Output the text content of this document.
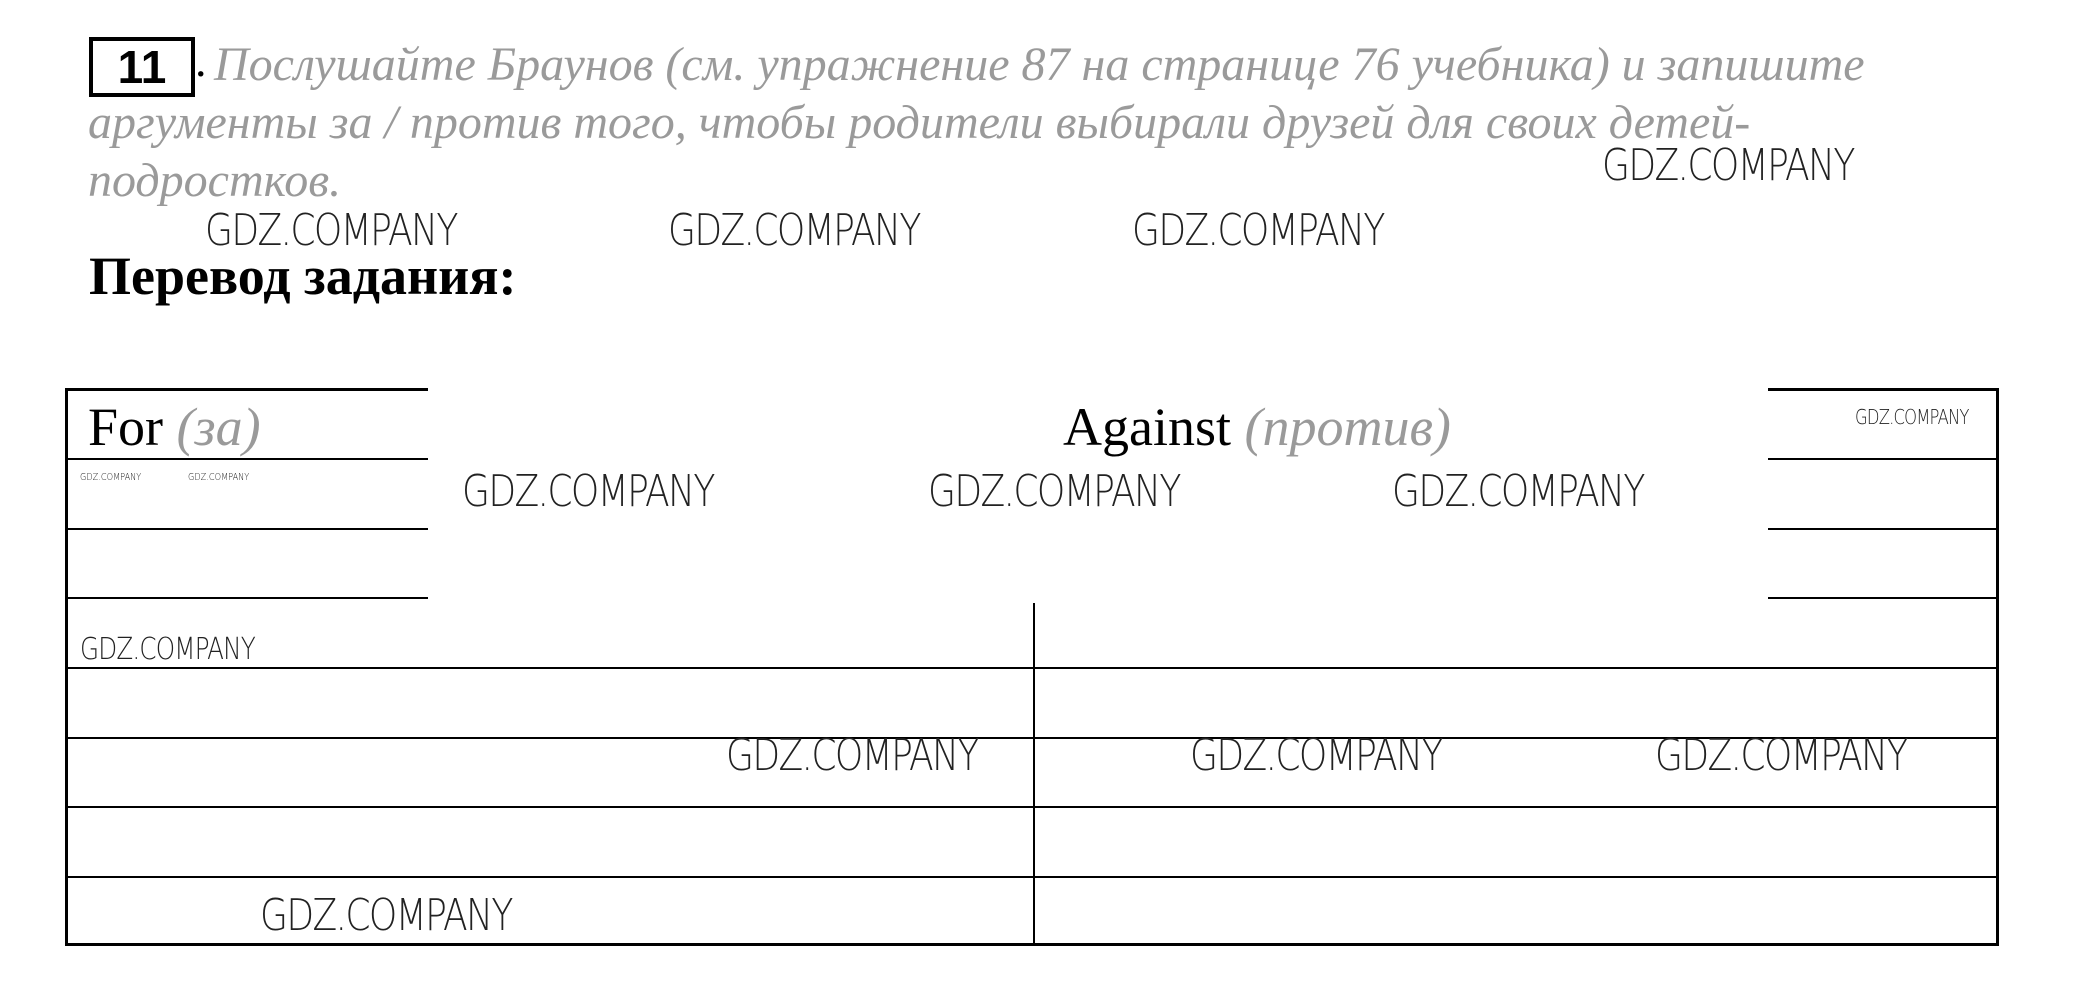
11 . Послушайте Браунов (см. упражнение 87 на странице 76 учебника) и запишите аргументы за / против того, чтобы родители выбирали друзей для своих детей-подростков.

Перевод задания:
For (за)	Against (против)
GDZ.COMPANY
GDZ.COMPANY	GDZ.COMPANY	GDZ.COMPANY
GDZ.COMPANY
GDZ.COMPANY	GDZ.COMPANY	GDZ.COMPANY	GDZ.COMPANY	GDZ.COMPANY
GDZ.COMPANY
GDZ.COMPANY	GDZ.COMPANY	GDZ.COMPANY
GDZ.COMPANY
